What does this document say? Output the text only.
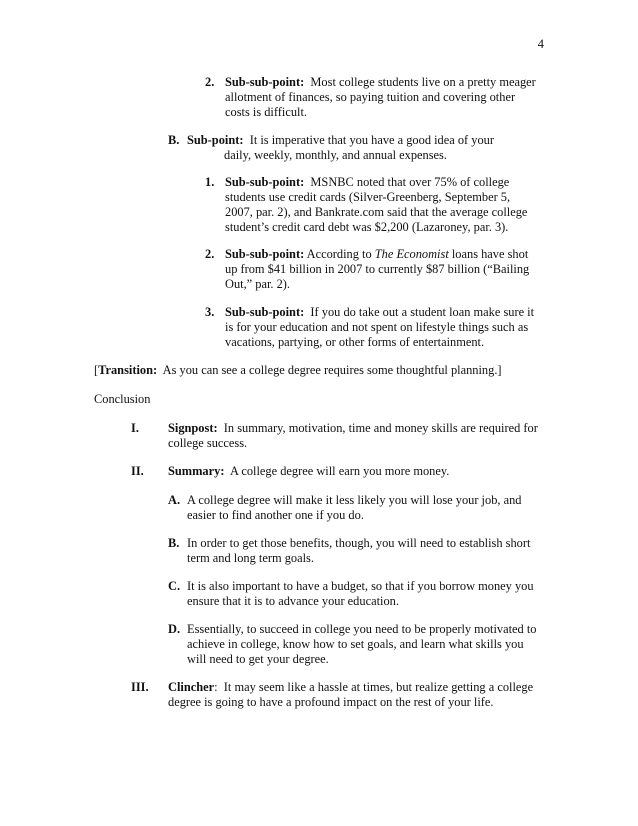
4
2. Sub-sub-point: Most college students live on a pretty meager
allotment of finances, so paying tuition and covering other
costs is difficult.
B. Sub-point: It is imperative that you have a good idea of your
daily, weekly, monthly, and annual expenses.
1. Sub-sub-point: MSNBC noted that over 75% of college
students use credit cards (Silver-Greenberg, September 5,
2007, par. 2), and Bankrate.com said that the average college
student’s credit card debt was $2,200 (Lazaroney, par. 3).
2. Sub-sub-point: According to The Economist loans have shot
up from $41 billion in 2007 to currently $87 billion (“Bailing
Out,” par. 2).
3. Sub-sub-point: If you do take out a student loan make sure it
is for your education and not spent on lifestyle things such as
vacations, partying, or other forms of entertainment.
[Transition: As you can see a college degree requires some thoughtful planning.]
Conclusion
I. Signpost: In summary, motivation, time and money skills are required for
college success.
II. Summary: A college degree will earn you more money.
A. A college degree will make it less likely you will lose your job, and
easier to find another one if you do.
B. In order to get those benefits, though, you will need to establish short
term and long term goals.
C. It is also important to have a budget, so that if you borrow money you
ensure that it is to advance your education.
D. Essentially, to succeed in college you need to be properly motivated to
achieve in college, know how to set goals, and learn what skills you
will need to get your degree.
III. Clincher: It may seem like a hassle at times, but realize getting a college
degree is going to have a profound impact on the rest of your life.
